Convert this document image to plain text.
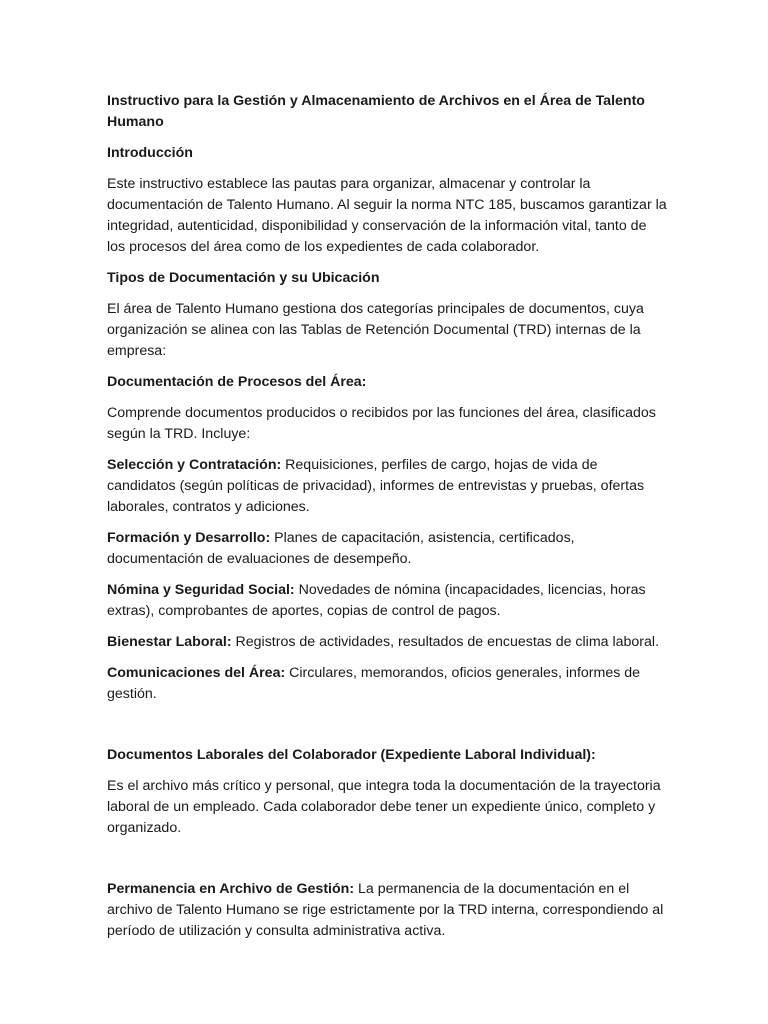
Instructivo para la Gestión y Almacenamiento de Archivos en el Área de Talento Humano

Introducción

Este instructivo establece las pautas para organizar, almacenar y controlar la documentación de Talento Humano. Al seguir la norma NTC 185, buscamos garantizar la integridad, autenticidad, disponibilidad y conservación de la información vital, tanto de los procesos del área como de los expedientes de cada colaborador.

Tipos de Documentación y su Ubicación

El área de Talento Humano gestiona dos categorías principales de documentos, cuya organización se alinea con las Tablas de Retención Documental (TRD) internas de la empresa:

Documentación de Procesos del Área:

Comprende documentos producidos o recibidos por las funciones del área, clasificados según la TRD. Incluye:

Selección y Contratación: Requisiciones, perfiles de cargo, hojas de vida de candidatos (según políticas de privacidad), informes de entrevistas y pruebas, ofertas laborales, contratos y adiciones.

Formación y Desarrollo: Planes de capacitación, asistencia, certificados, documentación de evaluaciones de desempeño.

Nómina y Seguridad Social: Novedades de nómina (incapacidades, licencias, horas extras), comprobantes de aportes, copias de control de pagos.

Bienestar Laboral: Registros de actividades, resultados de encuestas de clima laboral.

Comunicaciones del Área: Circulares, memorandos, oficios generales, informes de gestión.

Documentos Laborales del Colaborador (Expediente Laboral Individual):

Es el archivo más crítico y personal, que integra toda la documentación de la trayectoria laboral de un empleado. Cada colaborador debe tener un expediente único, completo y organizado.

Permanencia en Archivo de Gestión: La permanencia de la documentación en el archivo de Talento Humano se rige estrictamente por la TRD interna, correspondiendo al período de utilización y consulta administrativa activa.
